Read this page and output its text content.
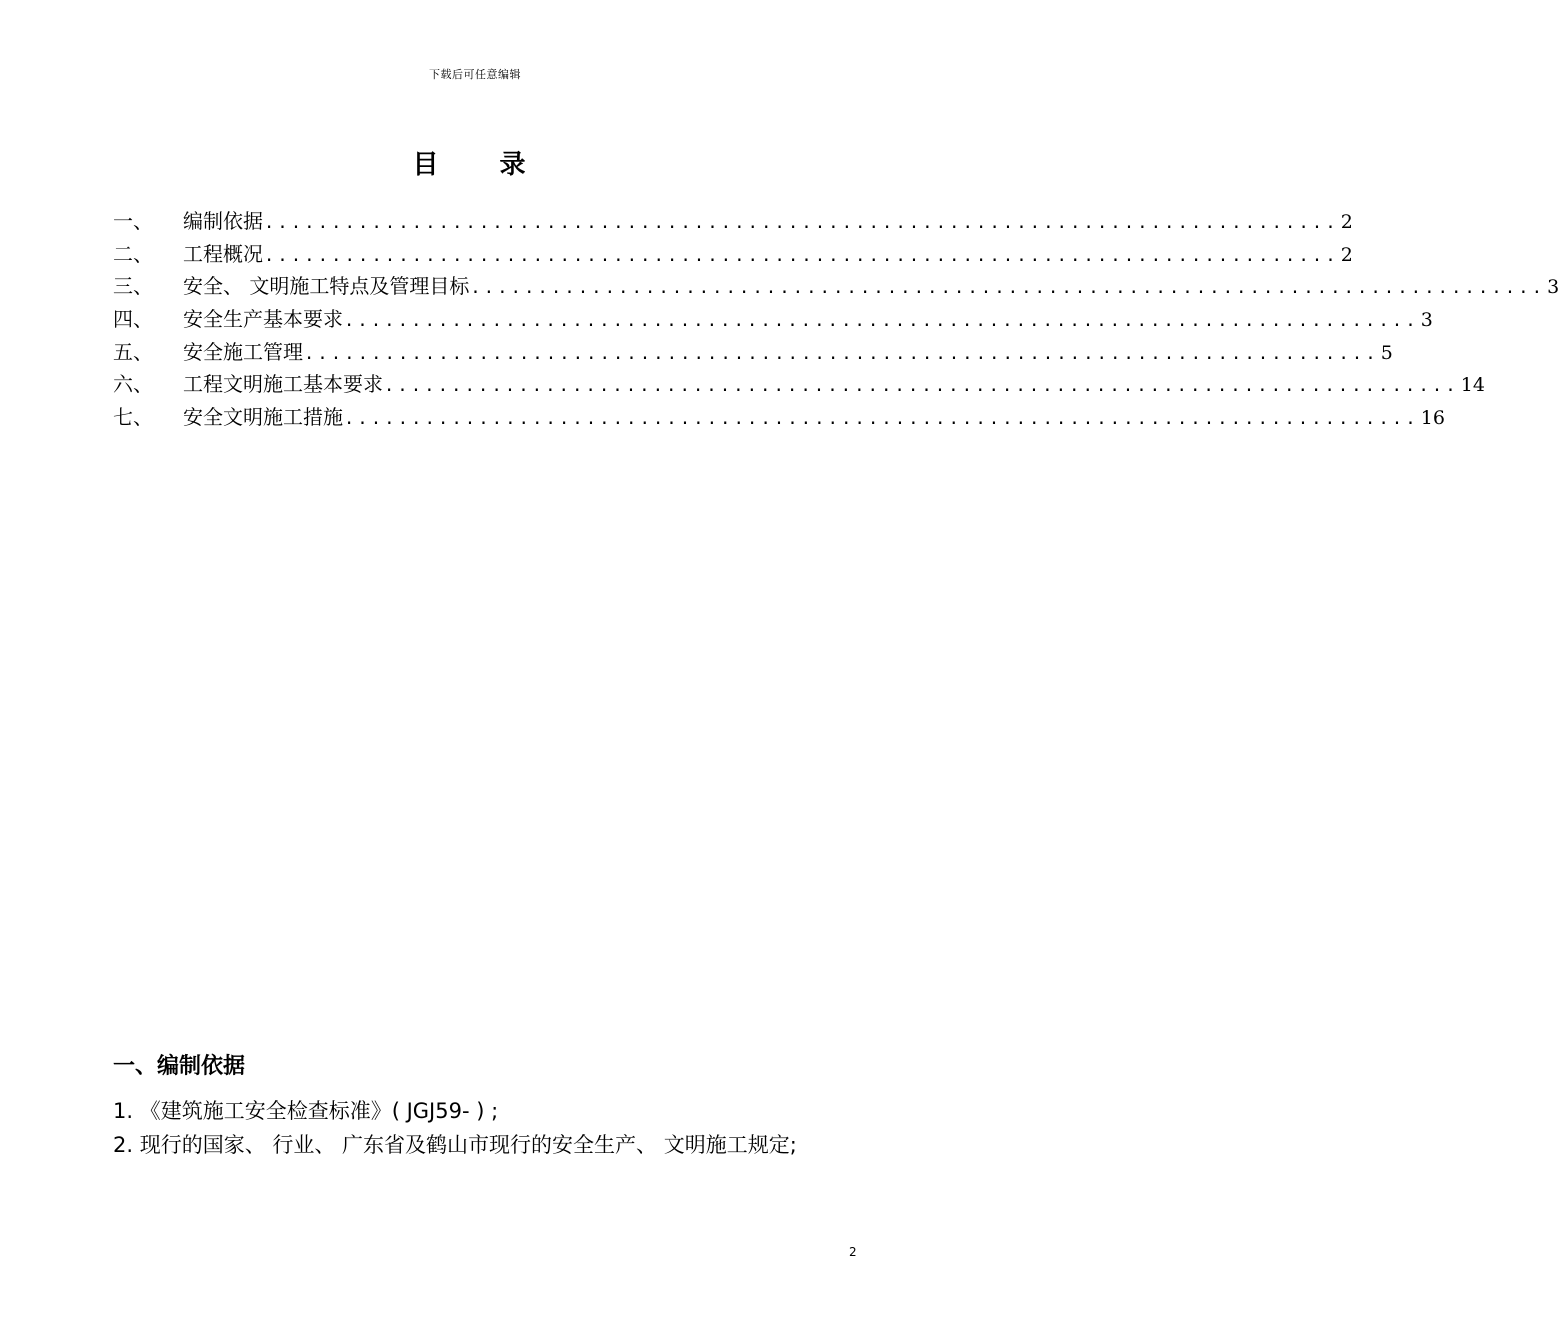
下载后可任意编辑
目 录
一、	编制依据 ................................................................................ 2
二、	工程概况 ................................................................................ 2
三、	安全、 文明施工特点及管理目标 ................................................................................ 3
四、	安全生产基本要求 ................................................................................ 3
五、	安全施工管理 ................................................................................ 5
六、	工程文明施工基本要求 ................................................................................ 14
七、	安全文明施工措施 ................................................................................ 16
一、编制依据

1. 《建筑施工安全检查标准》( JGJ59- ) ;

2. 现行的国家、 行业、 广东省及鹤山市现行的安全生产、 文明施工规定;

2
